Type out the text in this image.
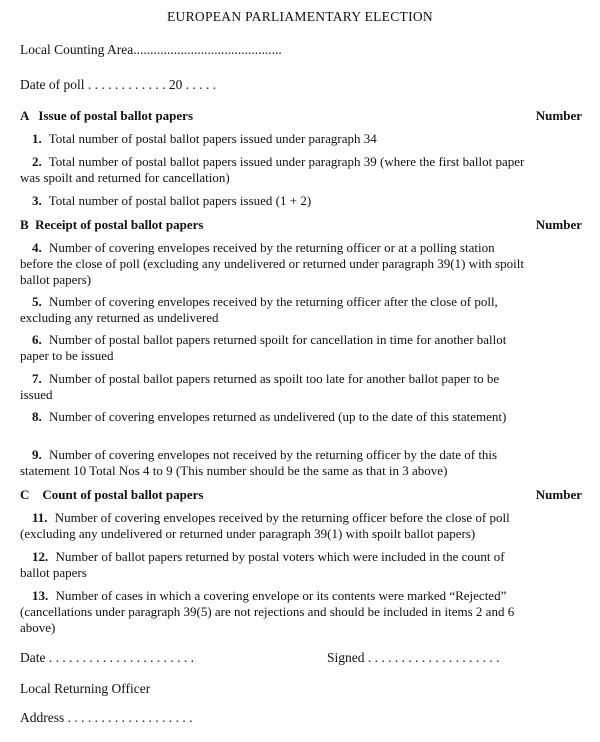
EUROPEAN PARLIAMENTARY ELECTION
Local Counting Area............................................
Date of poll . . . . . . . . . . . . 20 . . . . .
A   Issue of postal ballot papers	Number
1. Total number of postal ballot papers issued under paragraph 34
2. Total number of postal ballot papers issued under paragraph 39 (where the first ballot paper was spoilt and returned for cancellation)
3. Total number of postal ballot papers issued (1 + 2)
B  Receipt of postal ballot papers	Number
4. Number of covering envelopes received by the returning officer or at a polling station before the close of poll (excluding any undelivered or returned under paragraph 39(1) with spoilt ballot papers)
5. Number of covering envelopes received by the returning officer after the close of poll, excluding any returned as undelivered
6. Number of postal ballot papers returned spoilt for cancellation in time for another ballot paper to be issued
7. Number of postal ballot papers returned as spoilt too late for another ballot paper to be issued
8. Number of covering envelopes returned as undelivered (up to the date of this statement)
9. Number of covering envelopes not received by the returning officer by the date of this statement 10 Total Nos 4 to 9 (This number should be the same as that in 3 above)
C    Count of postal ballot papers	Number
11. Number of covering envelopes received by the returning officer before the close of poll (excluding any undelivered or returned under paragraph 39(1) with spoilt ballot papers)
12. Number of ballot papers returned by postal voters which were included in the count of ballot papers
13. Number of cases in which a covering envelope or its contents were marked “Rejected” (cancellations under paragraph 39(5) are not rejections and should be included in items 2 and 6 above)
Date . . . . . . . . . . . . . . . . . . . . . .	Signed . . . . . . . . . . . . . . . . . . . .
Local Returning Officer
Address . . . . . . . . . . . . . . . . . . .
